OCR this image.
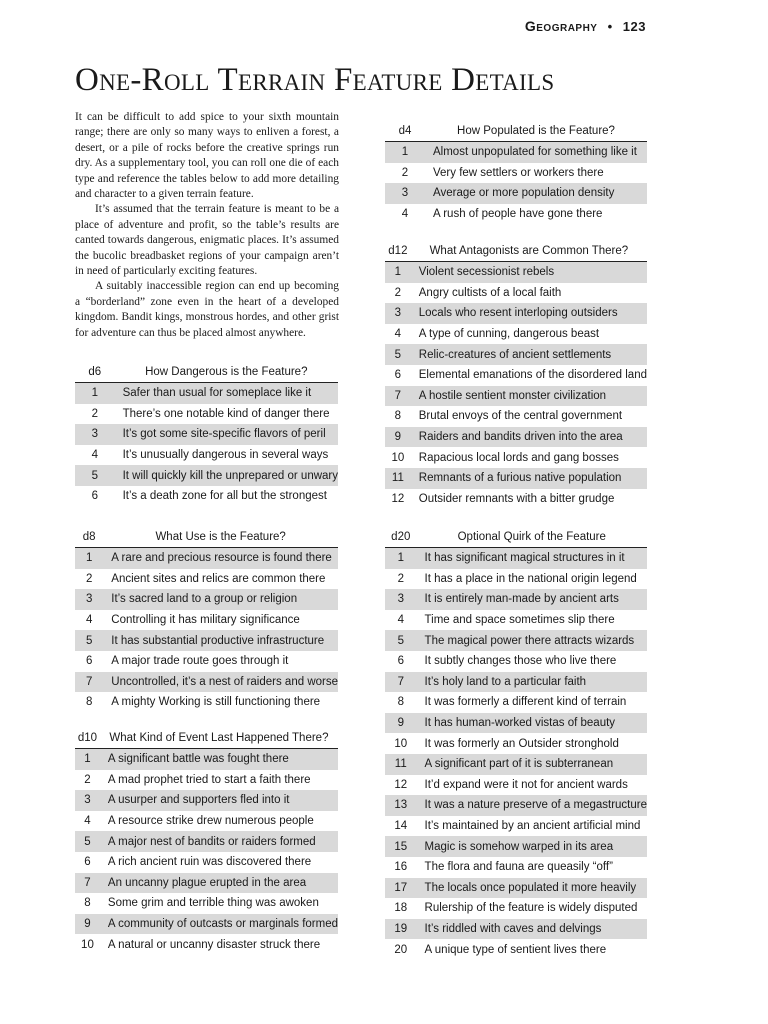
Geography • 123
One-Roll Terrain Feature Details

It can be difficult to add spice to your sixth mountain range; there are only so many ways to enliven a forest, a desert, or a pile of rocks before the creative springs run dry. As a supplementary tool, you can roll one die of each type and reference the tables below to add more detailing and character to a given terrain feature.

It’s assumed that the terrain feature is meant to be a place of adventure and profit, so the table’s results are canted towards dangerous, enigmatic places. It’s assumed the bucolic breadbasket regions of your campaign aren’t in need of particularly exciting features.

A suitably inaccessible region can end up becoming a “borderland” zone even in the heart of a developed kingdom. Bandit kings, monstrous hordes, and other grist for adventure can thus be placed almost anywhere.

d6	How Dangerous is the Feature?
1	Safer than usual for someplace like it
2	There’s one notable kind of danger there
3	It’s got some site-specific flavors of peril
4	It’s unusually dangerous in several ways
5	It will quickly kill the unprepared or unwary
6	It’s a death zone for all but the strongest
d8	What Use is the Feature?
1	A rare and precious resource is found there
2	Ancient sites and relics are common there
3	It’s sacred land to a group or religion
4	Controlling it has military significance
5	It has substantial productive infrastructure
6	A major trade route goes through it
7	Uncontrolled, it’s a nest of raiders and worse
8	A mighty Working is still functioning there
d10	What Kind of Event Last Happened There?
1	A significant battle was fought there
2	A mad prophet tried to start a faith there
3	A usurper and supporters fled into it
4	A resource strike drew numerous people
5	A major nest of bandits or raiders formed
6	A rich ancient ruin was discovered there
7	An uncanny plague erupted in the area
8	Some grim and terrible thing was awoken
9	A community of outcasts or marginals formed
10	A natural or uncanny disaster struck there
d4	How Populated is the Feature?
1	Almost unpopulated for something like it
2	Very few settlers or workers there
3	Average or more population density
4	A rush of people have gone there
d12	What Antagonists are Common There?
1	Violent secessionist rebels
2	Angry cultists of a local faith
3	Locals who resent interloping outsiders
4	A type of cunning, dangerous beast
5	Relic-creatures of ancient settlements
6	Elemental emanations of the disordered land
7	A hostile sentient monster civilization
8	Brutal envoys of the central government
9	Raiders and bandits driven into the area
10	Rapacious local lords and gang bosses
11	Remnants of a furious native population
12	Outsider remnants with a bitter grudge
d20	Optional Quirk of the Feature
1	It has significant magical structures in it
2	It has a place in the national origin legend
3	It is entirely man-made by ancient arts
4	Time and space sometimes slip there
5	The magical power there attracts wizards
6	It subtly changes those who live there
7	It’s holy land to a particular faith
8	It was formerly a different kind of terrain
9	It has human-worked vistas of beauty
10	It was formerly an Outsider stronghold
11	A significant part of it is subterranean
12	It’d expand were it not for ancient wards
13	It was a nature preserve of a megastructure
14	It’s maintained by an ancient artificial mind
15	Magic is somehow warped in its area
16	The flora and fauna are queasily “off”
17	The locals once populated it more heavily
18	Rulership of the feature is widely disputed
19	It’s riddled with caves and delvings
20	A unique type of sentient lives there
